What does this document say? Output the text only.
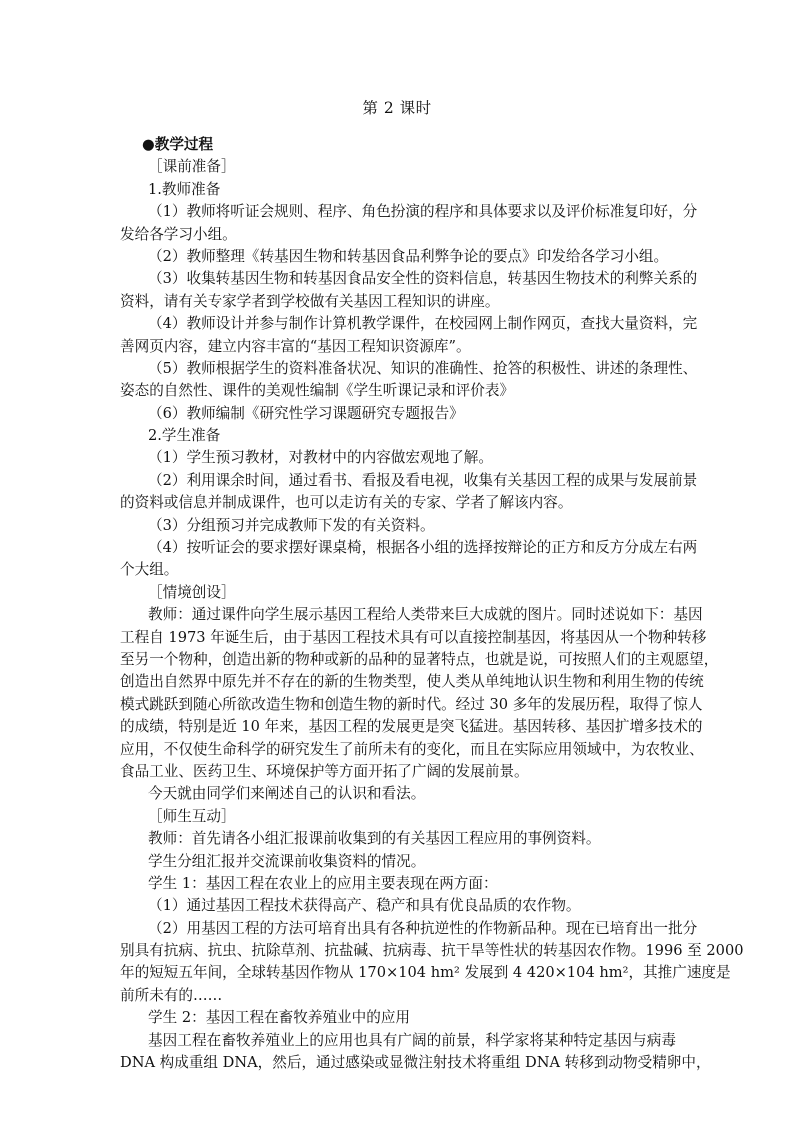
第 2 课时

●教学过程

［课前准备］

1.教师准备

（1）教师将听证会规则、程序、角色扮演的程序和具体要求以及评价标准复印好，分

发给各学习小组。

（2）教师整理《转基因生物和转基因食品利弊争论的要点》印发给各学习小组。

（3）收集转基因生物和转基因食品安全性的资料信息，转基因生物技术的利弊关系的

资料，请有关专家学者到学校做有关基因工程知识的讲座。

（4）教师设计并参与制作计算机教学课件，在校园网上制作网页，查找大量资料，完

善网页内容，建立内容丰富的“基因工程知识资源库”。

（5）教师根据学生的资料准备状况、知识的准确性、抢答的积极性、讲述的条理性、

姿态的自然性、课件的美观性编制《学生听课记录和评价表》

（6）教师编制《研究性学习课题研究专题报告》

2.学生准备

（1）学生预习教材，对教材中的内容做宏观地了解。

（2）利用课余时间，通过看书、看报及看电视，收集有关基因工程的成果与发展前景

的资料或信息并制成课件，也可以走访有关的专家、学者了解该内容。

（3）分组预习并完成教师下发的有关资料。

（4）按听证会的要求摆好课桌椅，根据各小组的选择按辩论的正方和反方分成左右两

个大组。

［情境创设］

教师：通过课件向学生展示基因工程给人类带来巨大成就的图片。同时述说如下：基因

工程自 1973 年诞生后，由于基因工程技术具有可以直接控制基因，将基因从一个物种转移

至另一个物种，创造出新的物种或新的品种的显著特点，也就是说，可按照人们的主观愿望，

创造出自然界中原先并不存在的新的生物类型，使人类从单纯地认识生物和利用生物的传统

模式跳跃到随心所欲改造生物和创造生物的新时代。经过 30 多年的发展历程，取得了惊人

的成绩，特别是近 10 年来，基因工程的发展更是突飞猛进。基因转移、基因扩增多技术的

应用，不仅使生命科学的研究发生了前所未有的变化，而且在实际应用领域中，为农牧业、

食品工业、医药卫生、环境保护等方面开拓了广阔的发展前景。

今天就由同学们来阐述自己的认识和看法。

［师生互动］

教师：首先请各小组汇报课前收集到的有关基因工程应用的事例资料。

学生分组汇报并交流课前收集资料的情况。

学生 1：基因工程在农业上的应用主要表现在两方面：

（1）通过基因工程技术获得高产、稳产和具有优良品质的农作物。

（2）用基因工程的方法可培育出具有各种抗逆性的作物新品种。现在已培育出一批分

别具有抗病、抗虫、抗除草剂、抗盐碱、抗病毒、抗干旱等性状的转基因农作物。1996 至 2000

年的短短五年间，全球转基因作物从 170×104 hm² 发展到 4 420×104 hm²，其推广速度是

前所未有的……

学生 2：基因工程在畜牧养殖业中的应用

基因工程在畜牧养殖业上的应用也具有广阔的前景，科学家将某种特定基因与病毒

DNA 构成重组 DNA，然后，通过感染或显微注射技术将重组 DNA 转移到动物受精卵中，
